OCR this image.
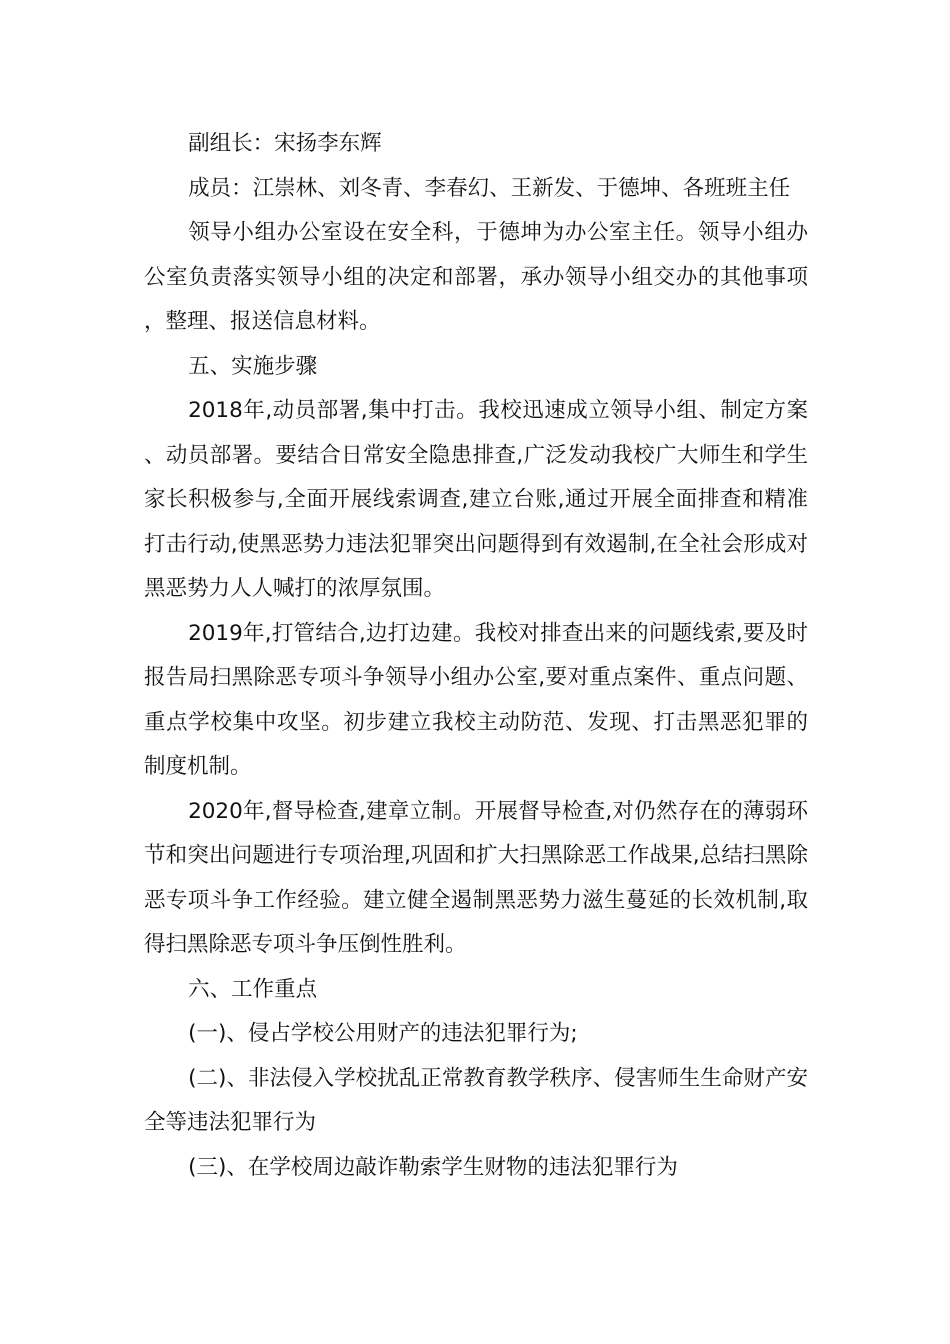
副组长：宋扬李东辉

成员：江崇林、刘冬青、李春幻、王新发、于德坤、各班班主任

领导小组办公室设在安全科，于德坤为办公室主任。领导小组办公室负责落实领导小组的决定和部署，承办领导小组交办的其他事项，整理、报送信息材料。

五、实施步骤

2018年,动员部署,集中打击。我校迅速成立领导小组、制定方案、动员部署。要结合日常安全隐患排查,广泛发动我校广大师生和学生家长积极参与,全面开展线索调查,建立台账,通过开展全面排查和精准打击行动,使黑恶势力违法犯罪突出问题得到有效遏制,在全社会形成对黑恶势力人人喊打的浓厚氛围。

2019年,打管结合,边打边建。我校对排查出来的问题线索,要及时报告局扫黑除恶专项斗争领导小组办公室,要对重点案件、重点问题、重点学校集中攻坚。初步建立我校主动防范、发现、打击黑恶犯罪的制度机制。

2020年,督导检查,建章立制。开展督导检查,对仍然存在的薄弱环节和突出问题进行专项治理,巩固和扩大扫黑除恶工作战果,总结扫黑除恶专项斗争工作经验。建立健全遏制黑恶势力滋生蔓延的长效机制,取得扫黑除恶专项斗争压倒性胜利。

六、工作重点

(一)、侵占学校公用财产的违法犯罪行为;

(二)、非法侵入学校扰乱正常教育教学秩序、侵害师生生命财产安全等违法犯罪行为

(三)、在学校周边敲诈勒索学生财物的违法犯罪行为
